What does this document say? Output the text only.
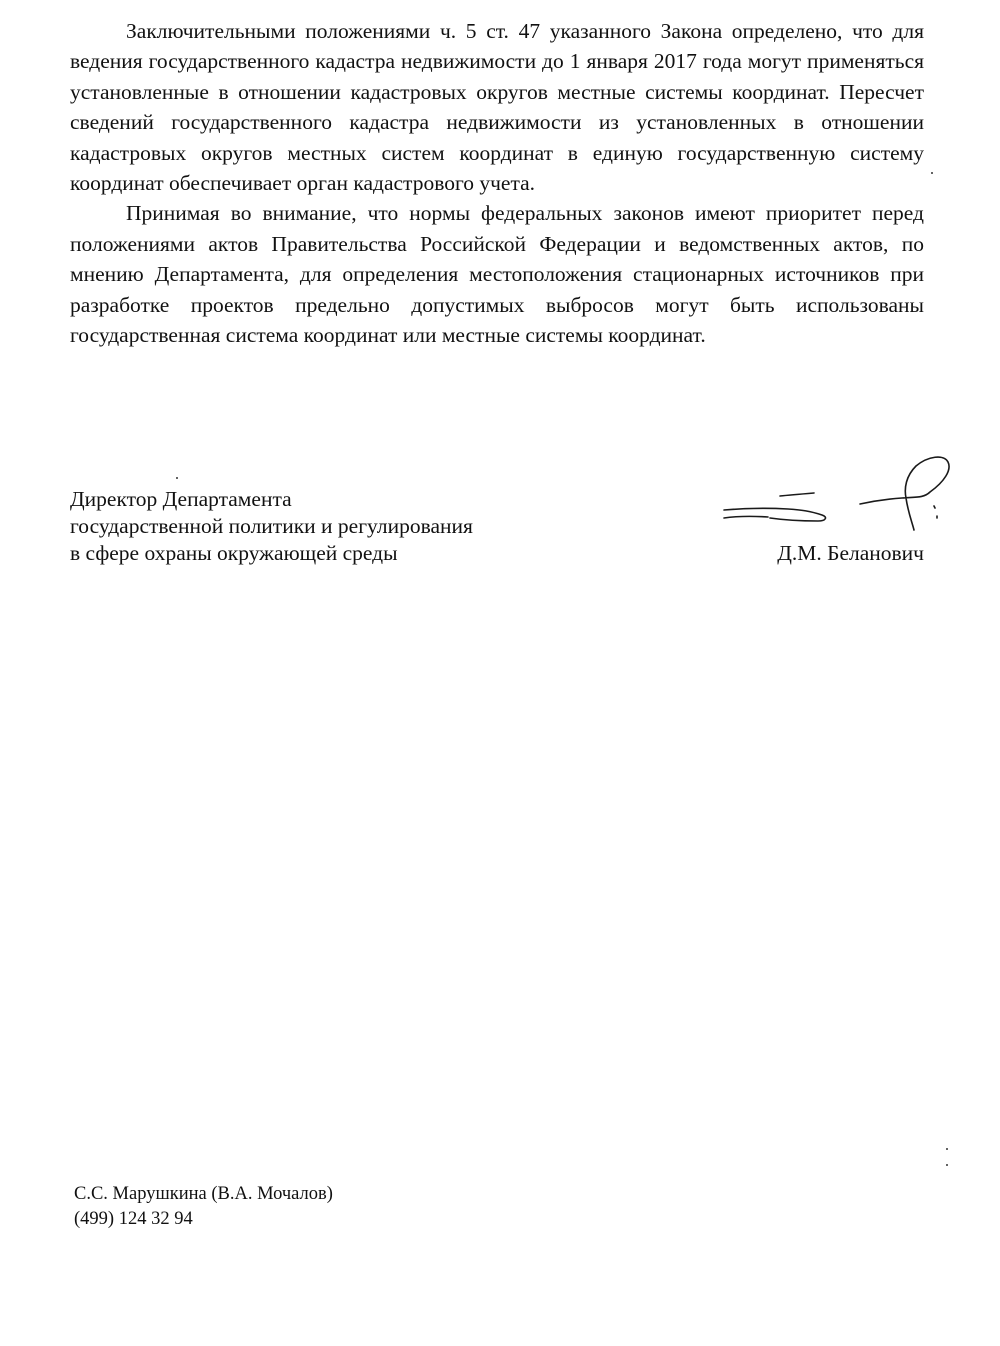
Заключительными положениями ч. 5 ст. 47 указанного Закона определено, что для ведения государственного кадастра недвижимости до 1 января 2017 года могут применяться установленные в отношении кадастровых округов местные системы координат. Пересчет сведений государственного кадастра недвижимости из установленных в отношении кадастровых округов местных систем координат в единую государственную систему координат обеспечивает орган кадастрового учета.

Принимая во внимание, что нормы федеральных законов имеют приоритет перед положениями актов Правительства Российской Федерации и ведомственных актов, по мнению Департамента, для определения местоположения стационарных источников при разработке проектов предельно допустимых выбросов могут быть использованы государственная система координат или местные системы координат.

Директор Департамента
государственной политики и регулирования
в сфере охраны окружающей среды	Д.М. Беланович
С.С. Марушкина (В.А. Мочалов)
(499) 124 32 94
